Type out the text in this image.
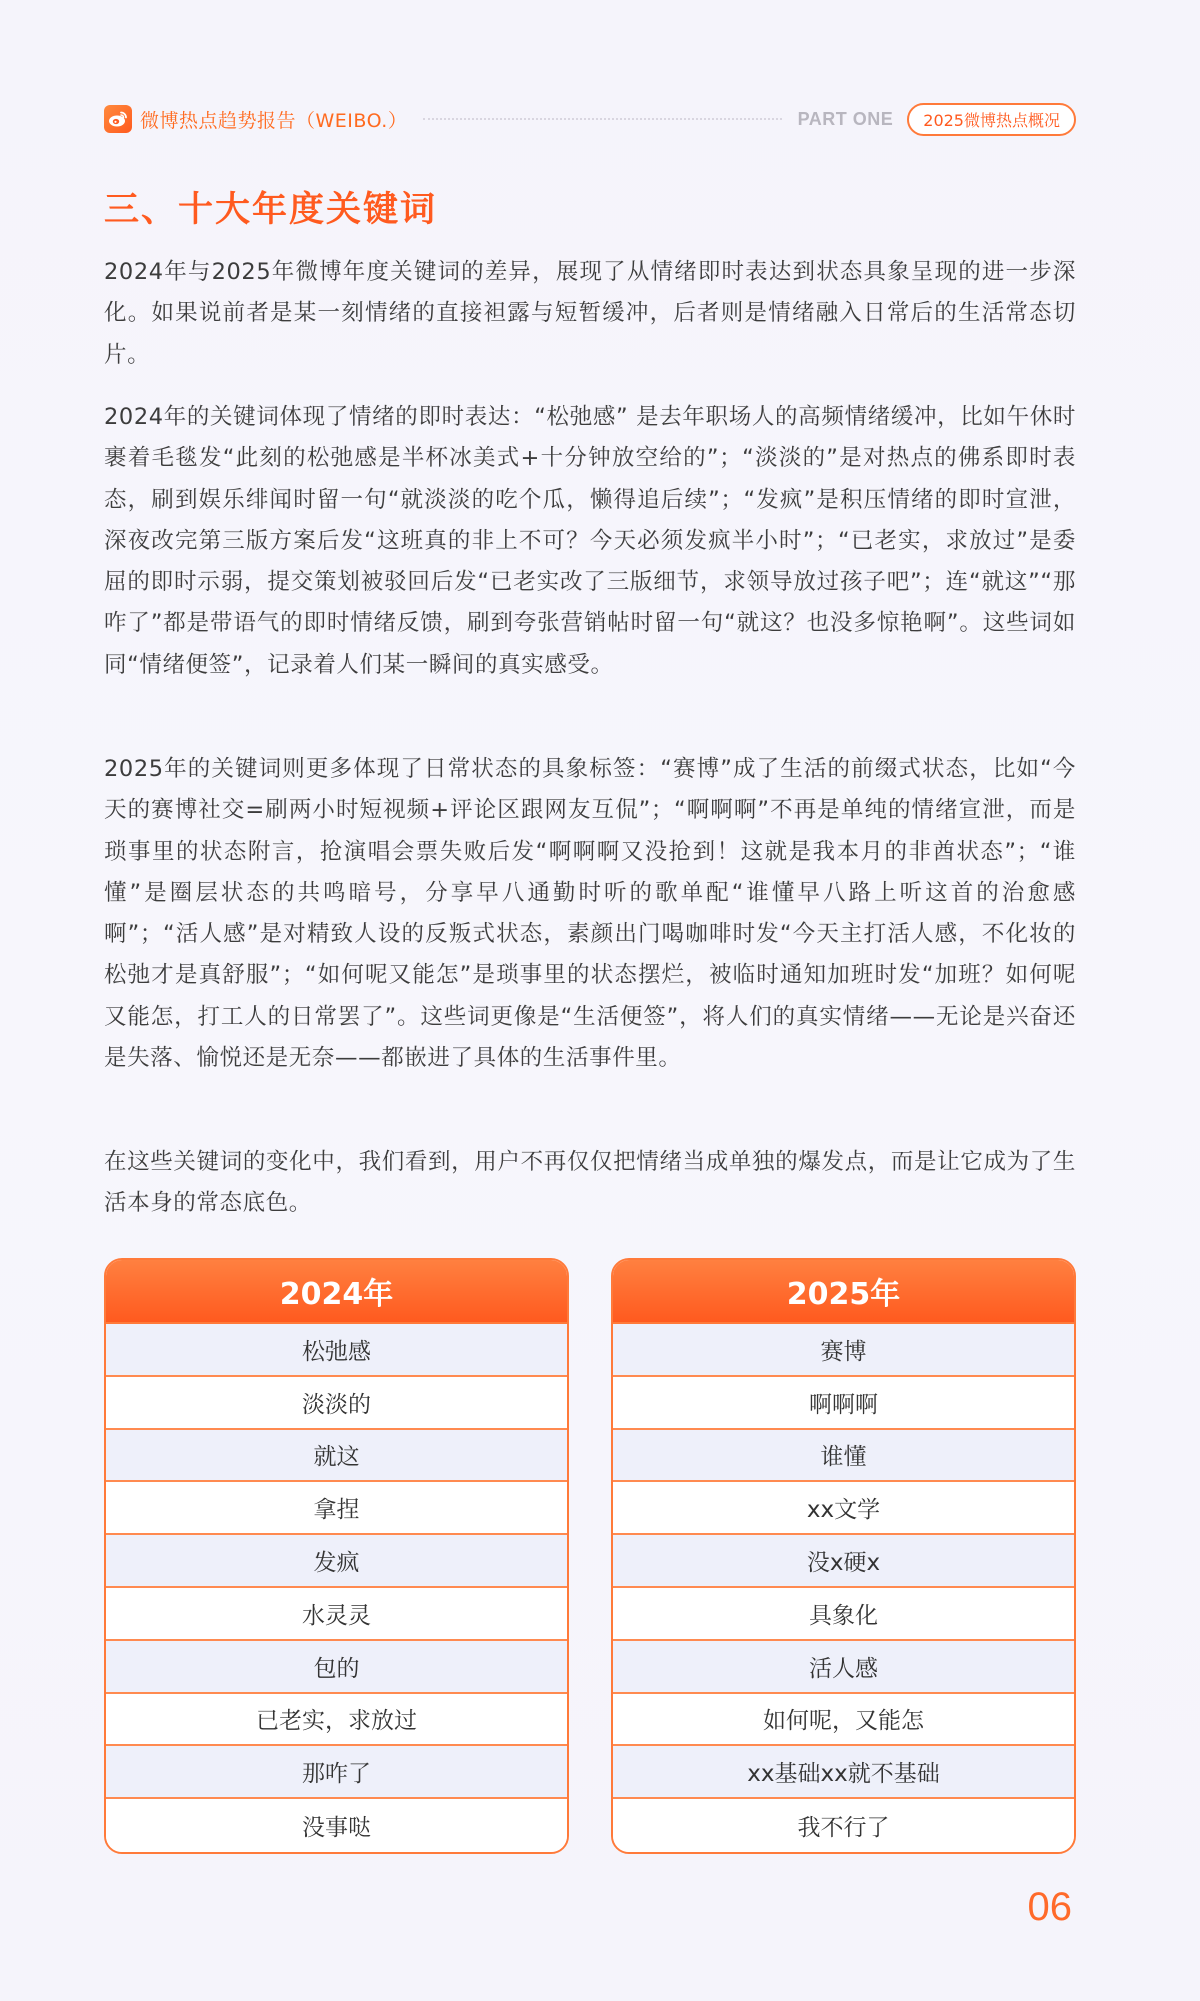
微博热点趋势报告（WEIBO.）	PART ONE	2025微博热点概况
三、十大年度关键词

2024年与2025年微博年度关键词的差异，展现了从情绪即时表达到状态具象呈现的进一步深化。如果说前者是某一刻情绪的直接袒露与短暂缓冲，后者则是情绪融入日常后的生活常态切片。

2024年的关键词体现了情绪的即时表达：“松弛感” 是去年职场人的高频情绪缓冲，比如午休时裹着毛毯发“此刻的松弛感是半杯冰美式+十分钟放空给的”；“淡淡的”是对热点的佛系即时表态，刷到娱乐绯闻时留一句“就淡淡的吃个瓜，懒得追后续”；“发疯”是积压情绪的即时宣泄，深夜改完第三版方案后发“这班真的非上不可？今天必须发疯半小时”；“已老实，求放过”是委屈的即时示弱，提交策划被驳回后发“已老实改了三版细节，求领导放过孩子吧”；连“就这”“那咋了”都是带语气的即时情绪反馈，刷到夸张营销帖时留一句“就这？也没多惊艳啊”。这些词如同“情绪便签”，记录着人们某一瞬间的真实感受。

2025年的关键词则更多体现了日常状态的具象标签：“赛博”成了生活的前缀式状态，比如“今天的赛博社交=刷两小时短视频+评论区跟网友互侃”；“啊啊啊”不再是单纯的情绪宣泄，而是琐事里的状态附言，抢演唱会票失败后发“啊啊啊又没抢到！这就是我本月的非酋状态”；“谁懂”是圈层状态的共鸣暗号，分享早八通勤时听的歌单配“谁懂早八路上听这首的治愈感啊”；“活人感”是对精致人设的反叛式状态，素颜出门喝咖啡时发“今天主打活人感，不化妆的松弛才是真舒服”；“如何呢又能怎”是琐事里的状态摆烂，被临时通知加班时发“加班？如何呢又能怎，打工人的日常罢了”。这些词更像是“生活便签”，将人们的真实情绪——无论是兴奋还是失落、愉悦还是无奈——都嵌进了具体的生活事件里。

在这些关键词的变化中，我们看到，用户不再仅仅把情绪当成单独的爆发点，而是让它成为了生活本身的常态底色。

2024年
松弛感
淡淡的
就这
拿捏
发疯
水灵灵
包的
已老实，求放过
那咋了
没事哒
2025年
赛博
啊啊啊
谁懂
xx文学
没x硬x
具象化
活人感
如何呢，又能怎
xx基础xx就不基础
我不行了
06
